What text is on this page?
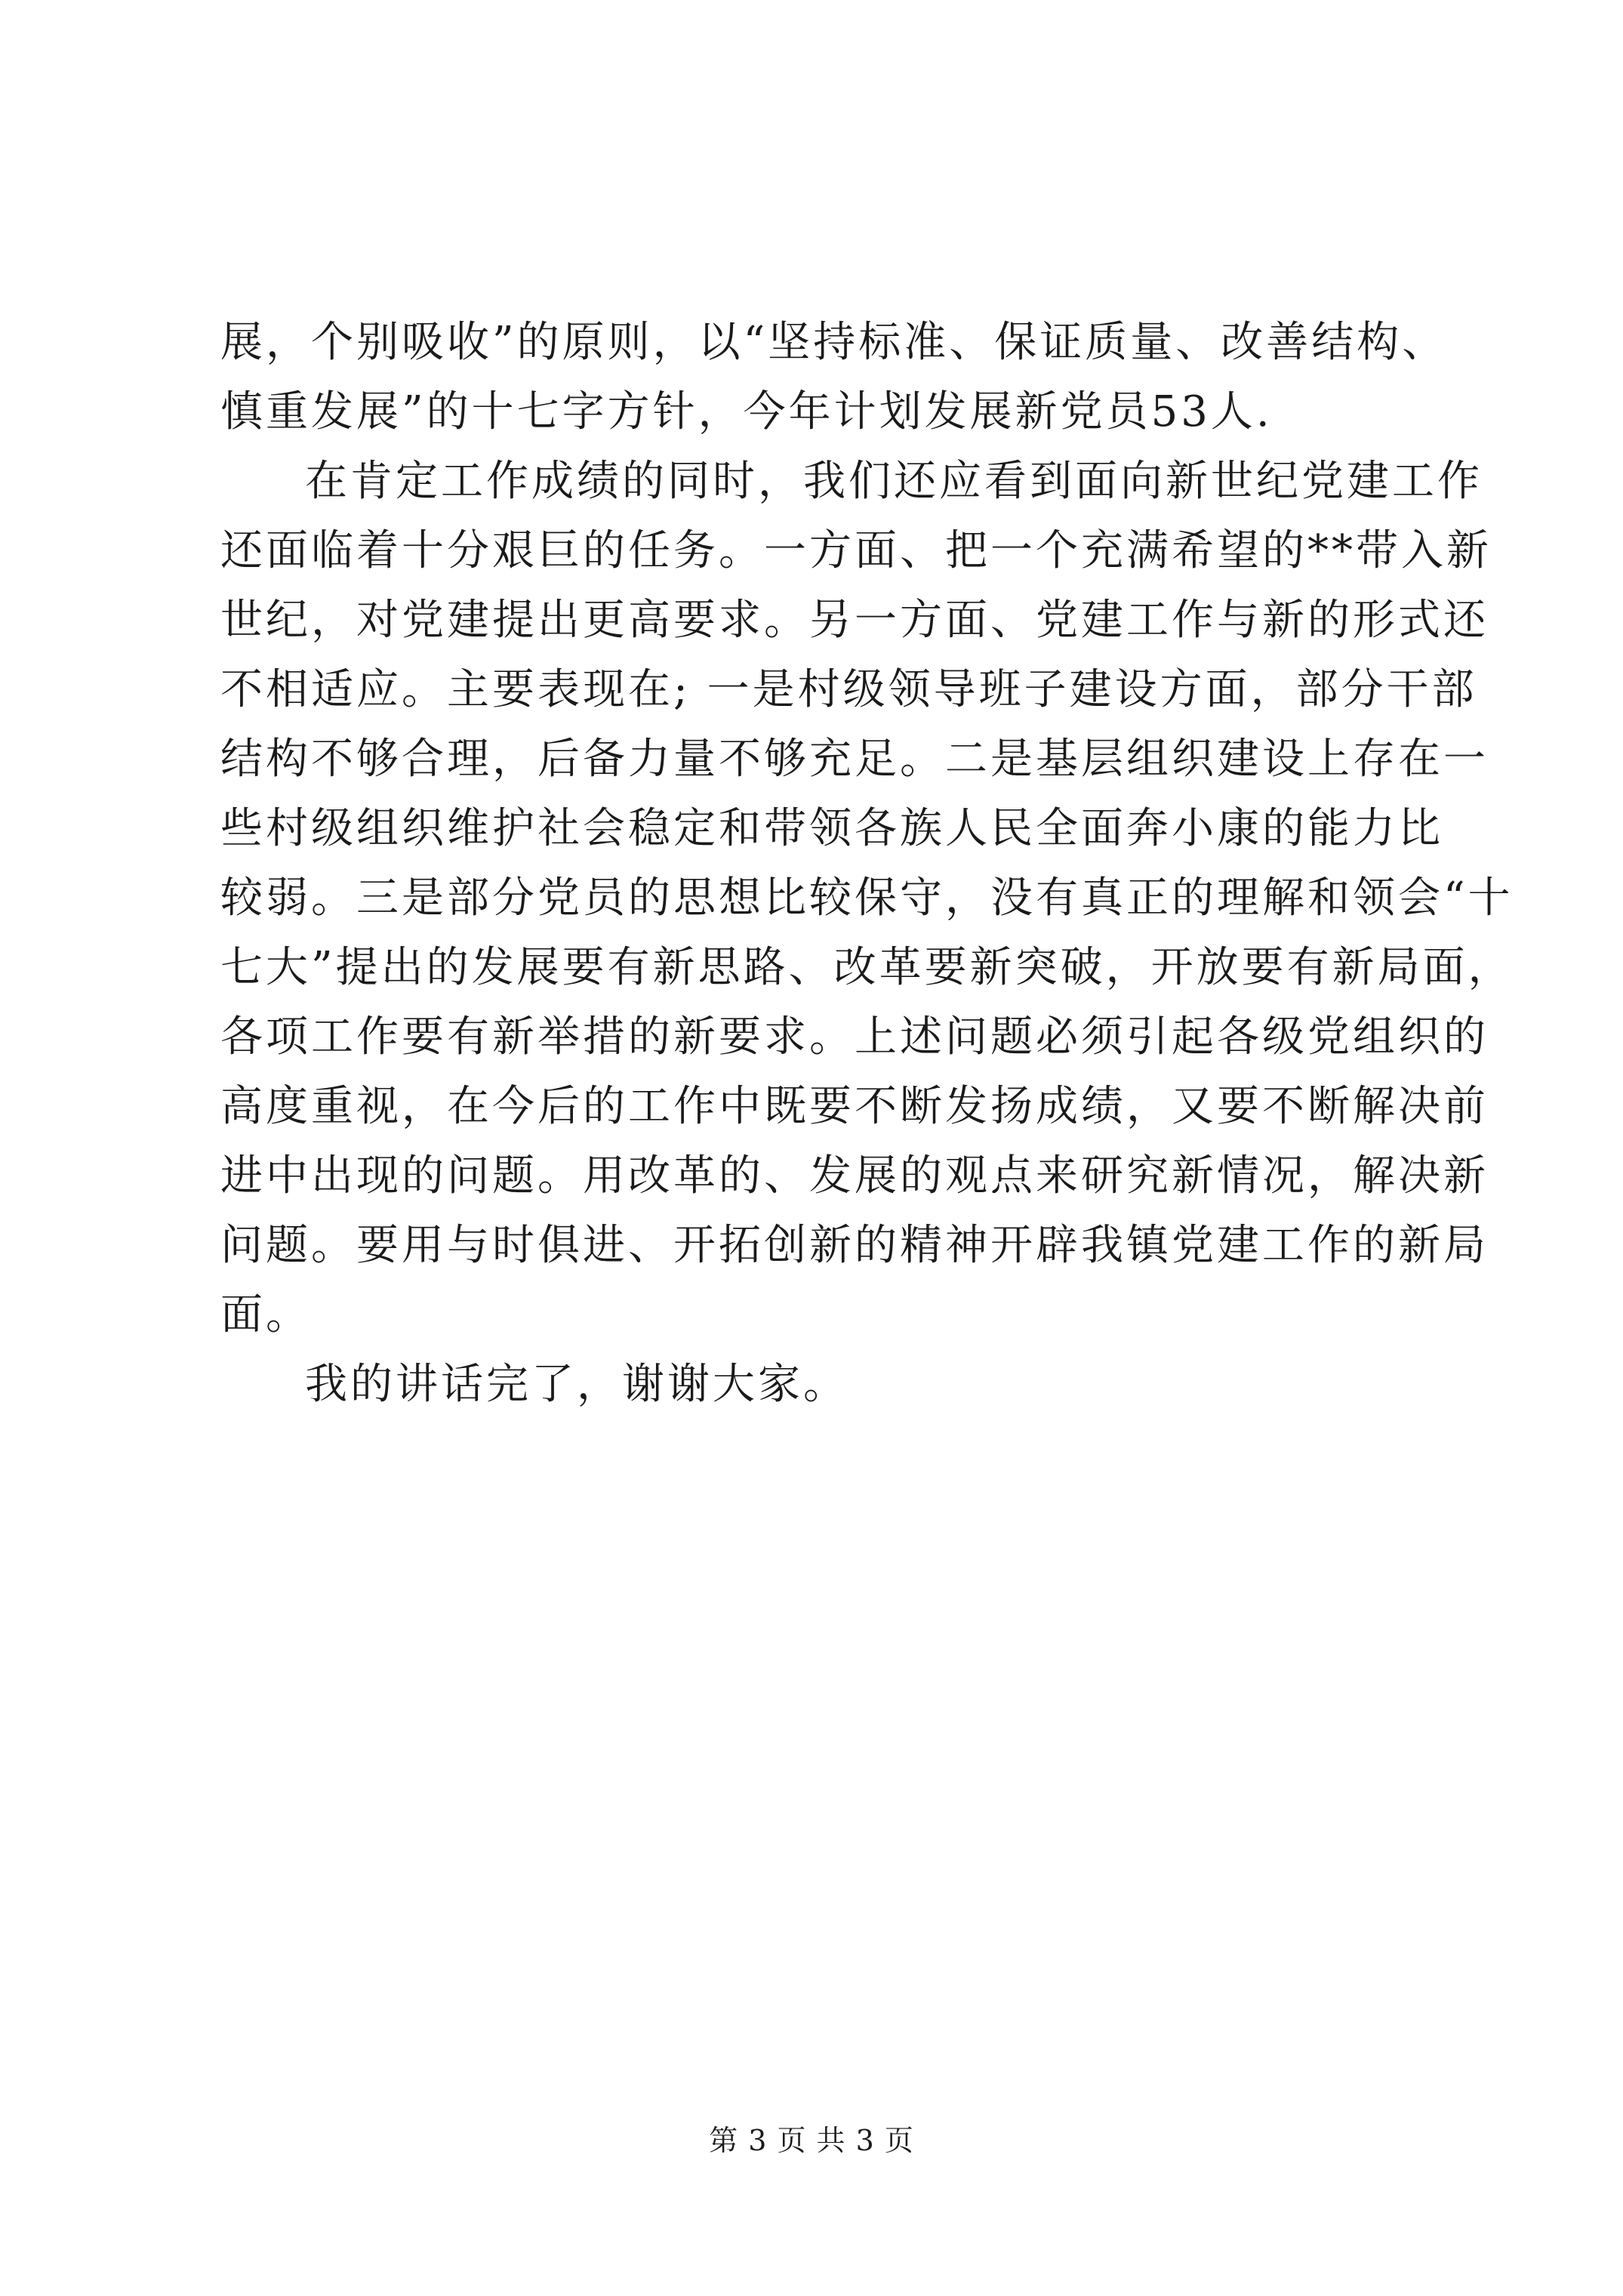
展，个别吸收”的原则，以“坚持标准、保证质量、改善结构、
慎重发展”的十七字方针，今年计划发展新党员53人.
在肯定工作成绩的同时，我们还应看到面向新世纪党建工作
还面临着十分艰巨的任务。一方面、把一个充满希望的**带入新
世纪，对党建提出更高要求。另一方面、党建工作与新的形式还
不相适应。主要表现在; 一是村级领导班子建设方面，部分干部
结构不够合理，后备力量不够充足。二是基层组织建设上存在一
些村级组织维护社会稳定和带领各族人民全面奔小康的能力比
较弱。三是部分党员的思想比较保守，没有真正的理解和领会“十
七大”提出的发展要有新思路、改革要新突破，开放要有新局面，
各项工作要有新举措的新要求。上述问题必须引起各级党组织的
高度重视，在今后的工作中既要不断发扬成绩，又要不断解决前
进中出现的问题。用改革的、发展的观点来研究新情况，解决新
问题。要用与时俱进、开拓创新的精神开辟我镇党建工作的新局
面。
我的讲话完了，谢谢大家。
第 3 页 共 3 页
